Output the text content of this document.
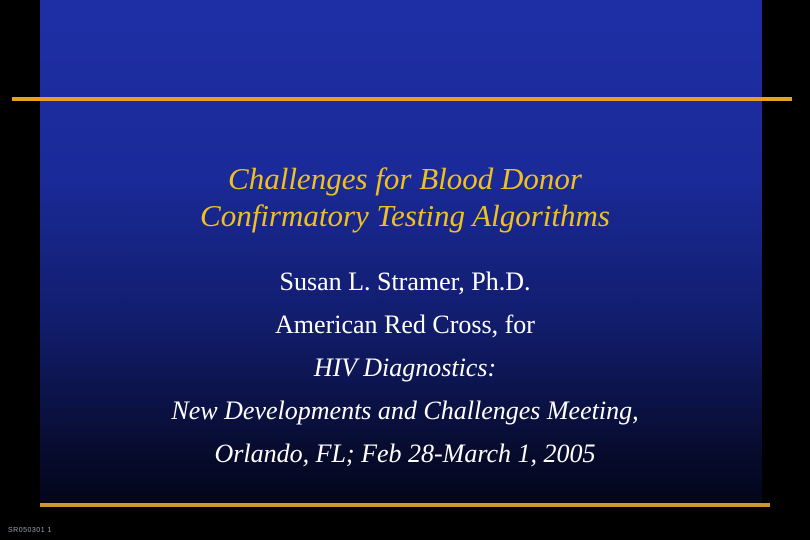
Challenges for Blood Donor
Confirmatory Testing Algorithms
Susan L. Stramer, Ph.D.
American Red Cross, for
HIV Diagnostics:
New Developments and Challenges Meeting,
Orlando, FL; Feb 28-March 1, 2005
SR050301 1
